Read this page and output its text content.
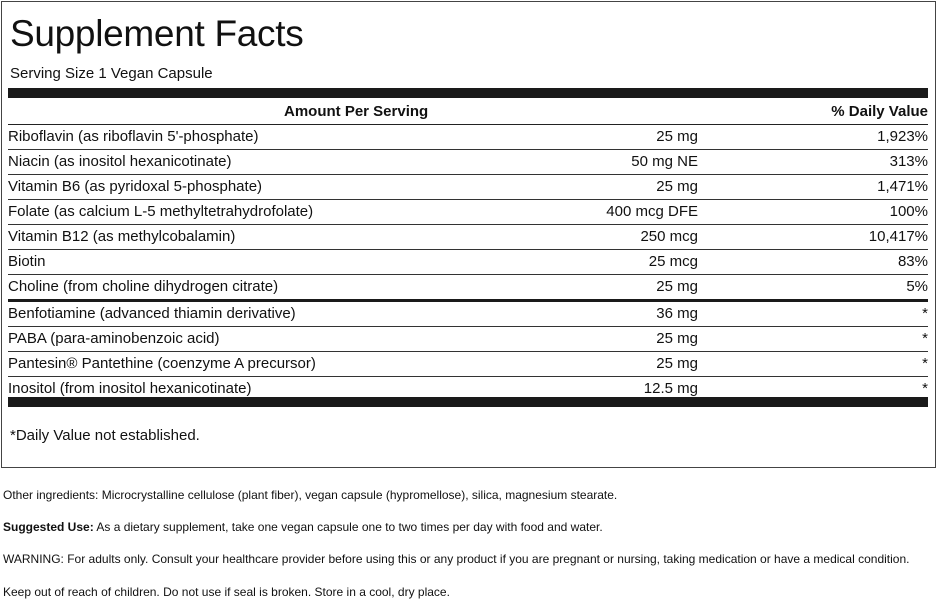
Supplement Facts
Serving Size 1 Vegan Capsule
Amount Per Serving	% Daily Value
Riboflavin (as riboflavin 5'-phosphate)	25 mg	1,923%
Niacin (as inositol hexanicotinate)	50 mg NE	313%
Vitamin B6 (as pyridoxal 5-phosphate)	25 mg	1,471%
Folate (as calcium L-5 methyltetrahydrofolate)	400 mcg DFE	100%
Vitamin B12 (as methylcobalamin)	250 mcg	10,417%
Biotin	25 mcg	83%
Choline (from choline dihydrogen citrate)	25 mg	5%
Benfotiamine (advanced thiamin derivative)	36 mg	*
PABA (para-aminobenzoic acid)	25 mg	*
Pantesin® Pantethine (coenzyme A precursor)	25 mg	*
Inositol (from inositol hexanicotinate)	12.5 mg	*
*Daily Value not established.
Other ingredients: Microcrystalline cellulose (plant fiber), vegan capsule (hypromellose), silica, magnesium stearate.
Suggested Use: As a dietary supplement, take one vegan capsule one to two times per day with food and water.
WARNING: For adults only. Consult your healthcare provider before using this or any product if you are pregnant or nursing, taking medication or have a medical condition.
Keep out of reach of children. Do not use if seal is broken. Store in a cool, dry place.
